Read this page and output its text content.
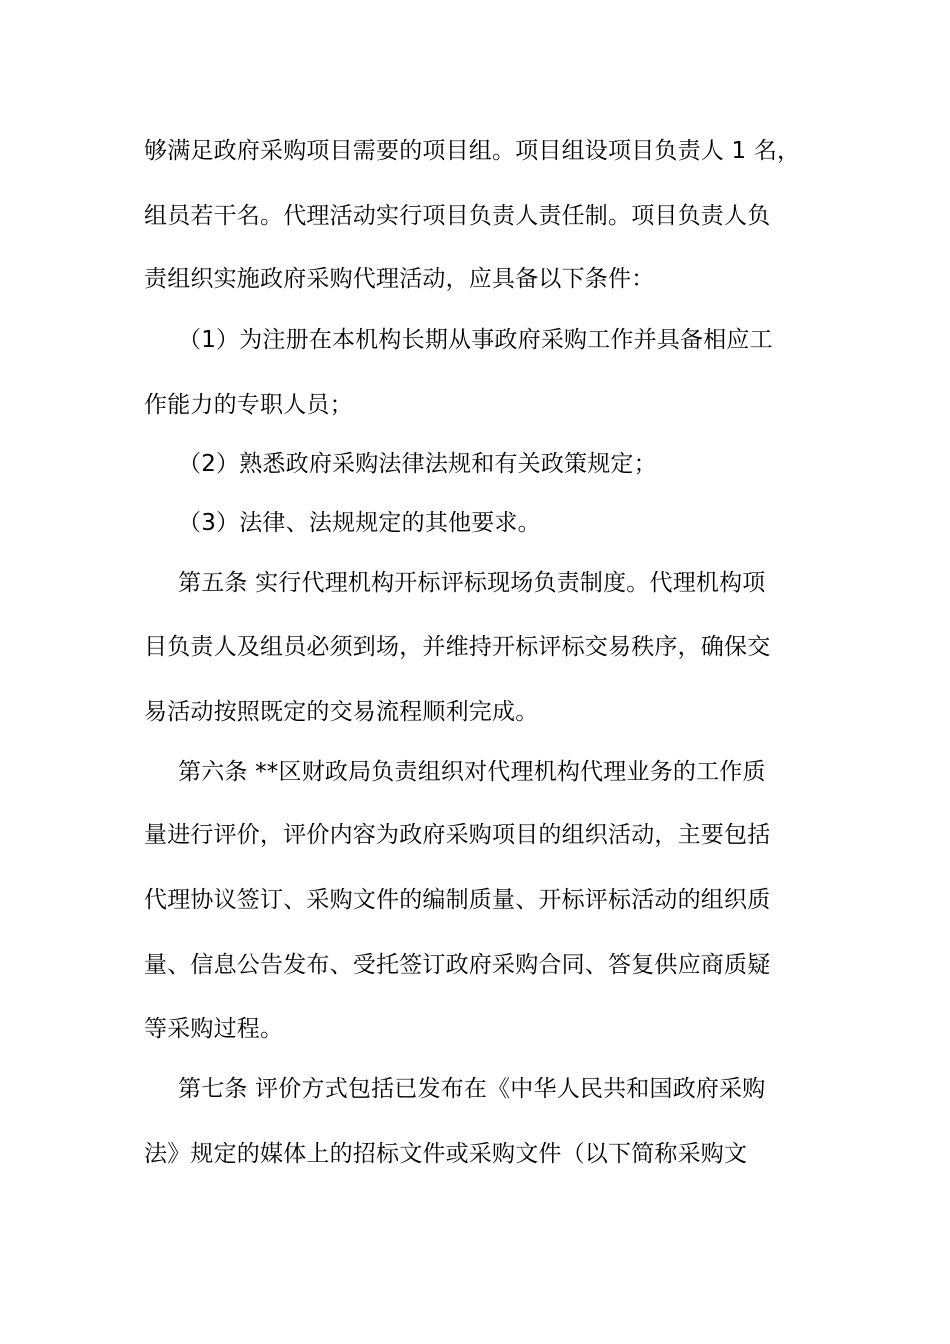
够满足政府采购项目需要的项目组。项目组设项目负责人 1 名，
组员若干名。代理活动实行项目负责人责任制。项目负责人负
责组织实施政府采购代理活动，应具备以下条件：
（1）为注册在本机构长期从事政府采购工作并具备相应工
作能力的专职人员；
（2）熟悉政府采购法律法规和有关政策规定；
（3）法律、法规规定的其他要求。
第五条 实行代理机构开标评标现场负责制度。代理机构项
目负责人及组员必须到场，并维持开标评标交易秩序，确保交
易活动按照既定的交易流程顺利完成。
第六条 **区财政局负责组织对代理机构代理业务的工作质
量进行评价，评价内容为政府采购项目的组织活动，主要包括
代理协议签订、采购文件的编制质量、开标评标活动的组织质
量、信息公告发布、受托签订政府采购合同、答复供应商质疑
等采购过程。
第七条 评价方式包括已发布在《中华人民共和国政府采购
法》规定的媒体上的招标文件或采购文件（以下简称采购文
